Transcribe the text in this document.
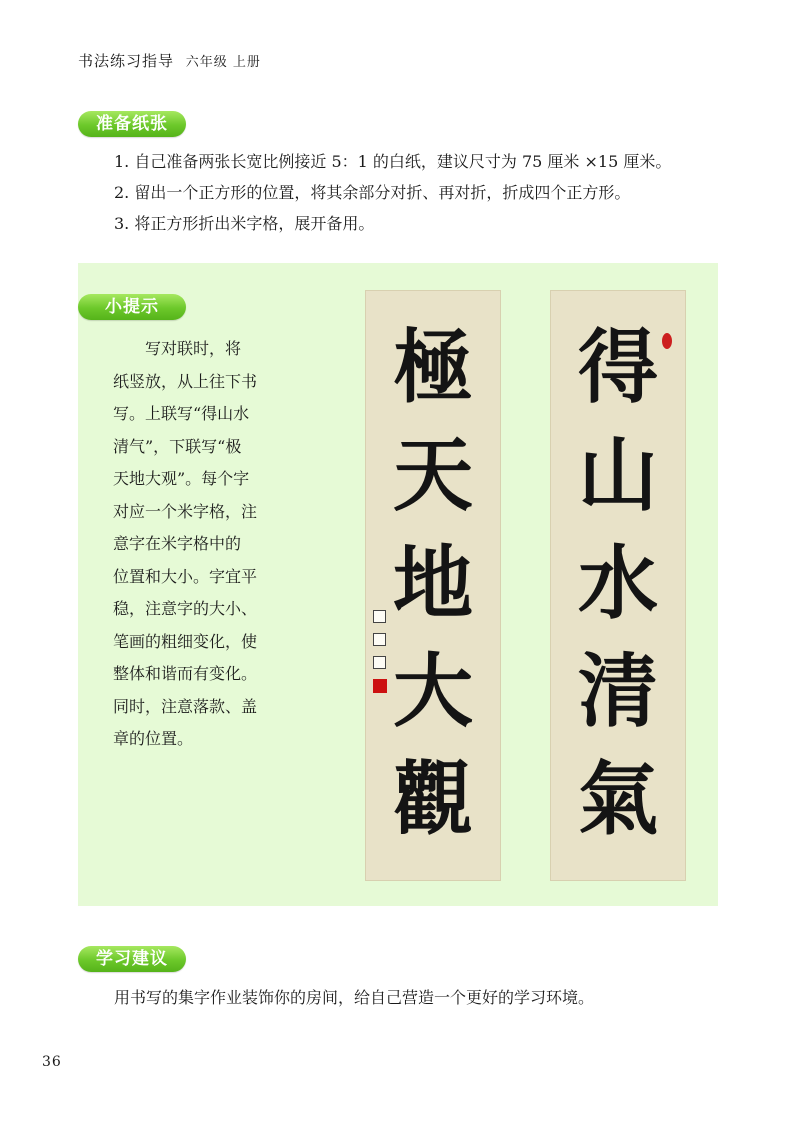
书法练习指导 六年级 上册
准备纸张
1. 自己准备两张长宽比例接近 5：1 的白纸，建议尺寸为 75 厘米 ×15 厘米。
2. 留出一个正方形的位置，将其余部分对折、再对折，折成四个正方形。
3. 将正方形折出米字格，展开备用。
小提示
　　写对联时，将
纸竖放，从上往下书
写。上联写“得山水
清气”，下联写“极
天地大观”。每个字
对应一个米字格，注
意字在米字格中的
位置和大小。字宜平
稳，注意字的大小、
笔画的粗细变化，使
整体和谐而有变化。
同时，注意落款、盖
章的位置。
極
天
地
大
觀
得
山
水
清
氣
学习建议
用书写的集字作业装饰你的房间，给自己营造一个更好的学习环境。
36
